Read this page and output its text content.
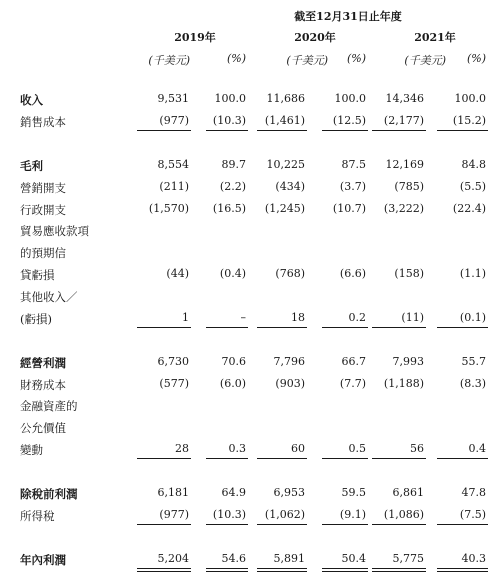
截至12月31日止年度
2019年	2020年	2021年
(千美元)	(%)	(千美元)	(%)	(千美元)	(%)
收入	9,531	100.0	11,686	100.0	14,346	100.0
銷售成本	(977)	(10.3)	(1,461)	(12.5)	(2,177)	(15.2)
毛利	8,554	89.7	10,225	87.5	12,169	84.8
營銷開支	(211)	(2.2)	(434)	(3.7)	(785)	(5.5)
行政開支	(1,570)	(16.5)	(1,245)	(10.7)	(3,222)	(22.4)
貿易應收款項
的預期信
貸虧損	(44)	(0.4)	(768)	(6.6)	(158)	(1.1)
其他收入／
(虧損)	1	–	18	0.2	(11)	(0.1)
經營利潤	6,730	70.6	7,796	66.7	7,993	55.7
財務成本	(577)	(6.0)	(903)	(7.7)	(1,188)	(8.3)
金融資產的
公允價值
變動	28	0.3	60	0.5	56	0.4
除稅前利潤	6,181	64.9	6,953	59.5	6,861	47.8
所得稅	(977)	(10.3)	(1,062)	(9.1)	(1,086)	(7.5)
年內利潤	5,204	54.6	5,891	50.4	5,775	40.3
